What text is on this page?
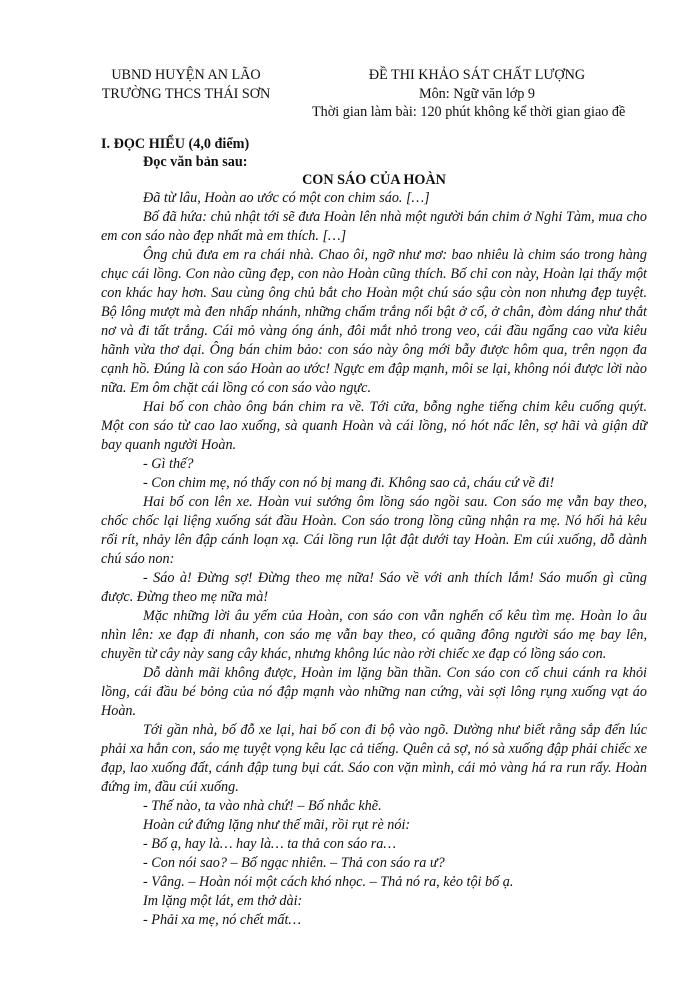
UBND HUYỆN AN LÃO
TRƯỜNG THCS THÁI SƠN
ĐỀ THI KHẢO SÁT CHẤT LƯỢNG
Môn: Ngữ văn lớp 9
Thời gian làm bài: 120 phút không kể thời gian giao đề
I. ĐỌC HIỂU (4,0 điểm)
Đọc văn bản sau:
CON SÁO CỦA HOÀN

Đã từ lâu, Hoàn ao ước có một con chim sáo. […]

Bố đã hứa: chủ nhật tới sẽ đưa Hoàn lên nhà một người bán chim ở Nghi Tàm, mua cho em con sáo nào đẹp nhất mà em thích. […]

Ông chủ đưa em ra chái nhà. Chao ôi, ngỡ như mơ: bao nhiêu là chim sáo trong hàng chục cái lồng. Con nào cũng đẹp, con nào Hoàn cũng thích. Bố chỉ con này, Hoàn lại thấy một con khác hay hơn. Sau cùng ông chủ bắt cho Hoàn một chú sáo sậu còn non nhưng đẹp tuyệt. Bộ lông mượt mà đen nhấp nhánh, những chấm trắng nổi bật ở cổ, ở chân, đòm dáng như thắt nơ và đi tất trắng. Cái mỏ vàng óng ánh, đôi mắt nhỏ trong veo, cái đầu ngẩng cao vừa kiêu hãnh vừa thơ dại. Ông bán chim bảo: con sáo này ông mới bẫy được hôm qua, trên ngọn đa cạnh hồ. Đúng là con sáo Hoàn ao ước! Ngực em đập mạnh, môi se lại, không nói được lời nào nữa. Em ôm chặt cái lồng có con sáo vào ngực.

Hai bố con chào ông bán chim ra về. Tới cửa, bỗng nghe tiếng chim kêu cuống quýt. Một con sáo từ cao lao xuống, sà quanh Hoàn và cái lồng, nó hót nấc lên, sợ hãi và giận dữ bay quanh người Hoàn.

- Gì thế?

- Con chim mẹ, nó thấy con nó bị mang đi. Không sao cả, cháu cứ về đi!

Hai bố con lên xe. Hoàn vui sướng ôm lồng sáo ngồi sau. Con sáo mẹ vẫn bay theo, chốc chốc lại liệng xuống sát đầu Hoàn. Con sáo trong lồng cũng nhận ra mẹ. Nó hối hả kêu rối rít, nhảy lên đập cánh loạn xạ. Cái lồng run lật đật dưới tay Hoàn. Em cúi xuống, dỗ dành chú sáo non:

- Sáo à! Đừng sợ! Đừng theo mẹ nữa! Sáo về với anh thích lắm! Sáo muốn gì cũng được. Đừng theo mẹ nữa mà!

Mặc những lời âu yếm của Hoàn, con sáo con vẫn nghển cổ kêu tìm mẹ. Hoàn lo âu nhìn lên: xe đạp đi nhanh, con sáo mẹ vẫn bay theo, có quãng đông người sáo mẹ bay lên, chuyền từ cây này sang cây khác, nhưng không lúc nào rời chiếc xe đạp có lồng sáo con.

Dỗ dành mãi không được, Hoàn im lặng bần thần. Con sáo con cố chui cánh ra khỏi lồng, cái đầu bé bỏng của nó đập mạnh vào những nan cứng, vài sợi lông rụng xuống vạt áo Hoàn.

Tới gần nhà, bố đỗ xe lại, hai bố con đi bộ vào ngõ. Dường như biết rằng sắp đến lúc phải xa hẳn con, sáo mẹ tuyệt vọng kêu lạc cả tiếng. Quên cả sợ, nó sà xuống đập phải chiếc xe đạp, lao xuống đất, cánh đập tung bụi cát. Sáo con vặn mình, cái mỏ vàng há ra run rẩy. Hoàn đứng im, đầu cúi xuống.

- Thế nào, ta vào nhà chứ! – Bố nhắc khẽ.

Hoàn cứ đứng lặng như thế mãi, rồi rụt rè nói:

- Bố ạ, hay là… hay là… ta thả con sáo ra…

- Con nói sao? – Bố ngạc nhiên. – Thả con sáo ra ư?

- Vâng. – Hoàn nói một cách khó nhọc. – Thả nó ra, kẻo tội bố ạ.

Im lặng một lát, em thở dài:

- Phải xa mẹ, nó chết mất…
